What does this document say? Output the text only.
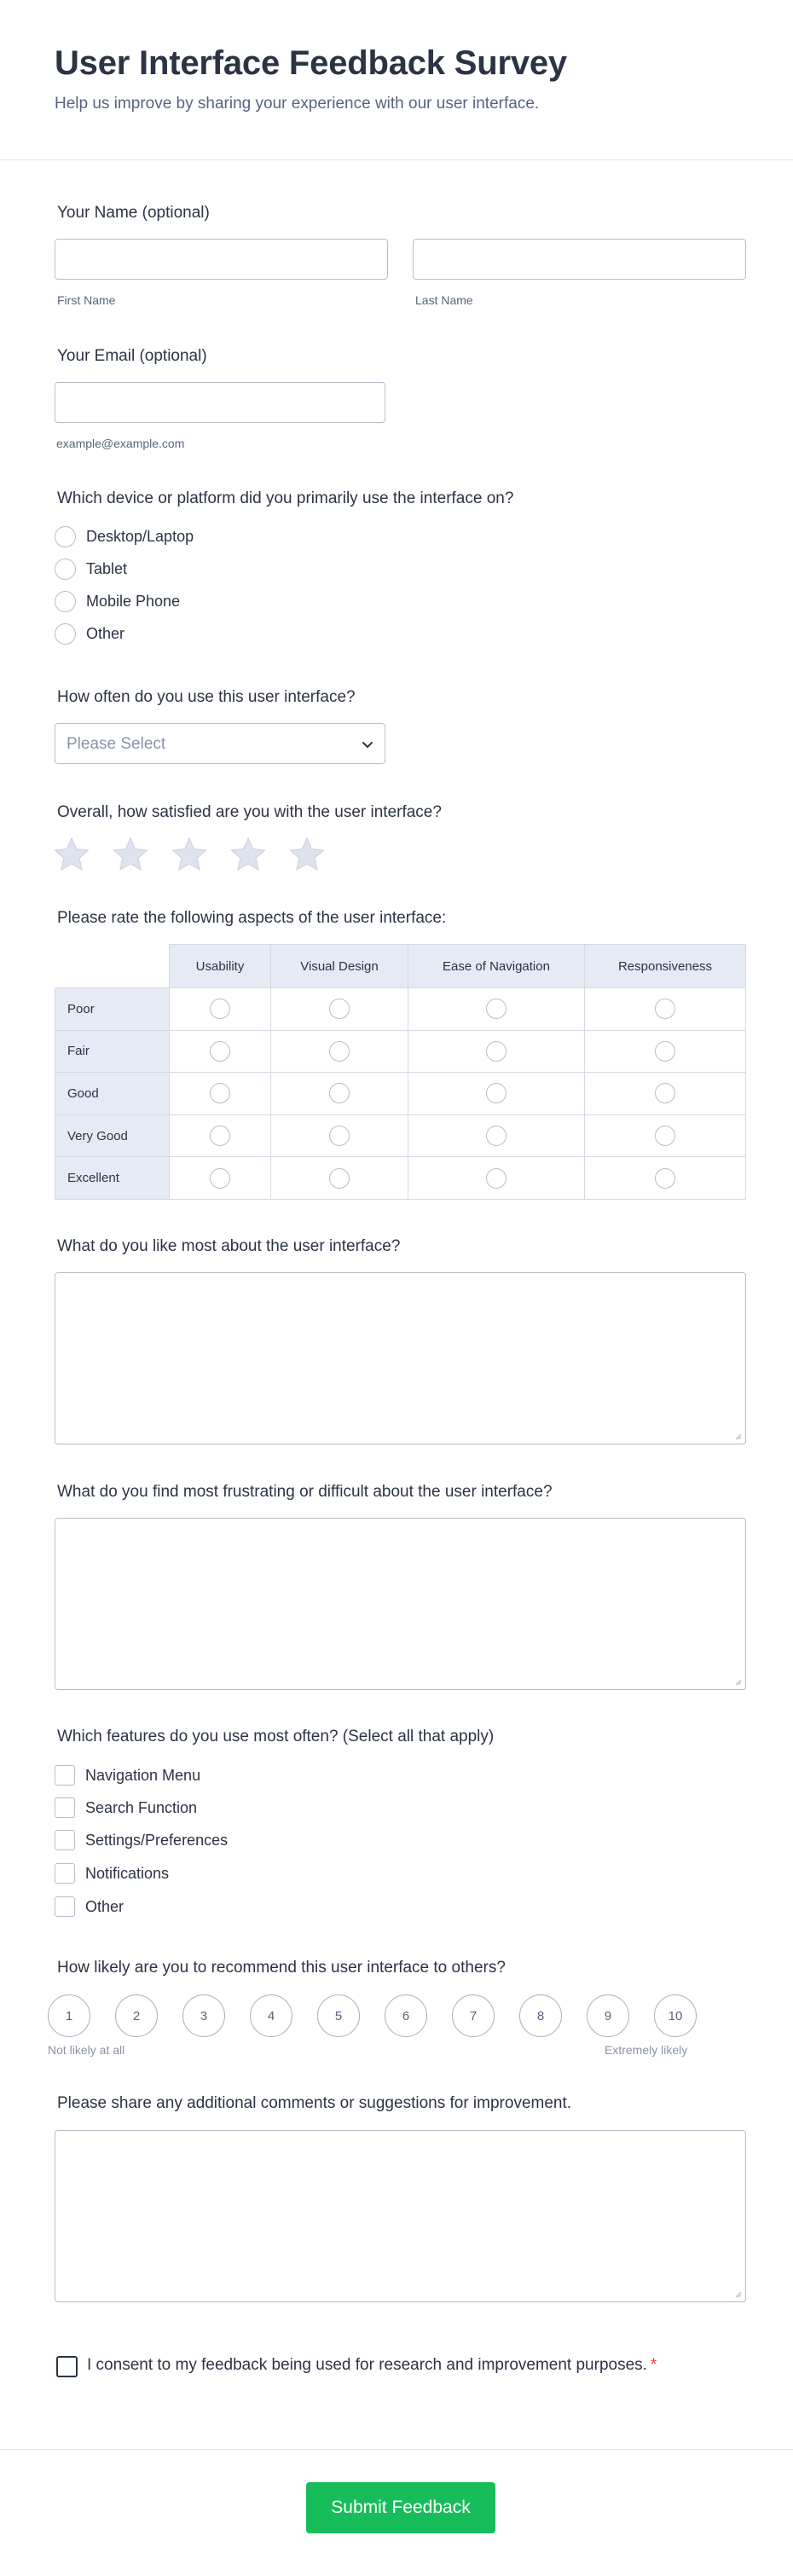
User Interface Feedback Survey
Help us improve by sharing your experience with our user interface.
Your Name (optional)
First Name	Last Name
Your Email (optional)
example@example.com
Which device or platform did you primarily use the interface on?
Desktop/Laptop
Tablet
Mobile Phone
Other
How often do you use this user interface?
Please Select
Overall, how satisfied are you with the user interface?
Please rate the following aspects of the user interface:
	Usability	Visual Design	Ease of Navigation	Responsiveness
Poor				
Fair				
Good				
Very Good				
Excellent				
What do you like most about the user interface?
What do you find most frustrating or difficult about the user interface?
Which features do you use most often? (Select all that apply)
Navigation Menu
Search Function
Settings/Preferences
Notifications
Other
How likely are you to recommend this user interface to others?
1	2	3	4	5	6	7	8	9	10
Not likely at all	Extremely likely
Please share any additional comments or suggestions for improvement.
I consent to my feedback being used for research and improvement purposes. *
Submit Feedback
